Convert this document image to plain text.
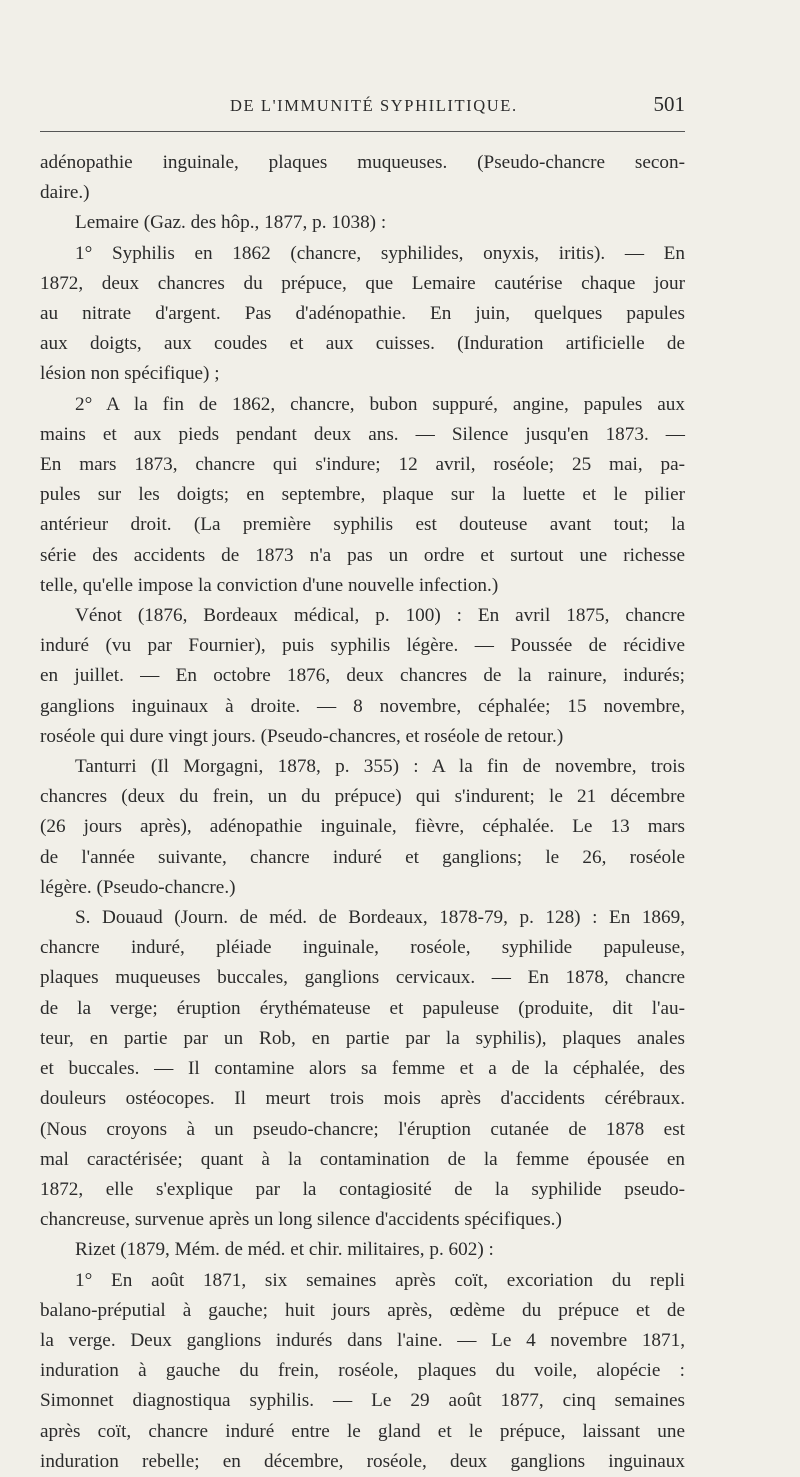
DE L'IMMUNITÉ SYPHILITIQUE.	501
adénopathie inguinale, plaques muqueuses. (Pseudo-chancre secon-
daire.)
Lemaire (Gaz. des hôp., 1877, p. 1038) :
1° Syphilis en 1862 (chancre, syphilides, onyxis, iritis). — En
1872, deux chancres du prépuce, que Lemaire cautérise chaque jour
au nitrate d'argent. Pas d'adénopathie. En juin, quelques papules
aux doigts, aux coudes et aux cuisses. (Induration artificielle de
lésion non spécifique) ;
2° A la fin de 1862, chancre, bubon suppuré, angine, papules aux
mains et aux pieds pendant deux ans. — Silence jusqu'en 1873. —
En mars 1873, chancre qui s'indure; 12 avril, roséole; 25 mai, pa-
pules sur les doigts; en septembre, plaque sur la luette et le pilier
antérieur droit. (La première syphilis est douteuse avant tout; la
série des accidents de 1873 n'a pas un ordre et surtout une richesse
telle, qu'elle impose la conviction d'une nouvelle infection.)
Vénot (1876, Bordeaux médical, p. 100) : En avril 1875, chancre
induré (vu par Fournier), puis syphilis légère. — Poussée de récidive
en juillet. — En octobre 1876, deux chancres de la rainure, indurés;
ganglions inguinaux à droite. — 8 novembre, céphalée; 15 novembre,
roséole qui dure vingt jours. (Pseudo-chancres, et roséole de retour.)
Tanturri (Il Morgagni, 1878, p. 355) : A la fin de novembre, trois
chancres (deux du frein, un du prépuce) qui s'indurent; le 21 décembre
(26 jours après), adénopathie inguinale, fièvre, céphalée. Le 13 mars
de l'année suivante, chancre induré et ganglions; le 26, roséole
légère. (Pseudo-chancre.)
S. Douaud (Journ. de méd. de Bordeaux, 1878-79, p. 128) : En 1869,
chancre induré, pléiade inguinale, roséole, syphilide papuleuse,
plaques muqueuses buccales, ganglions cervicaux. — En 1878, chancre
de la verge; éruption érythémateuse et papuleuse (produite, dit l'au-
teur, en partie par un Rob, en partie par la syphilis), plaques anales
et buccales. — Il contamine alors sa femme et a de la céphalée, des
douleurs ostéocopes. Il meurt trois mois après d'accidents cérébraux.
(Nous croyons à un pseudo-chancre; l'éruption cutanée de 1878 est
mal caractérisée; quant à la contamination de la femme épousée en
1872, elle s'explique par la contagiosité de la syphilide pseudo-
chancreuse, survenue après un long silence d'accidents spécifiques.)
Rizet (1879, Mém. de méd. et chir. militaires, p. 602) :
1° En août 1871, six semaines après coït, excoriation du repli
balano-préputial à gauche; huit jours après, œdème du prépuce et de
la verge. Deux ganglions indurés dans l'aine. — Le 4 novembre 1871,
induration à gauche du frein, roséole, plaques du voile, alopécie :
Simonnet diagnostiqua syphilis. — Le 29 août 1877, cinq semaines
après coït, chancre induré entre le gland et le prépuce, laissant une
induration rebelle; en décembre, roséole, deux ganglions inguinaux
